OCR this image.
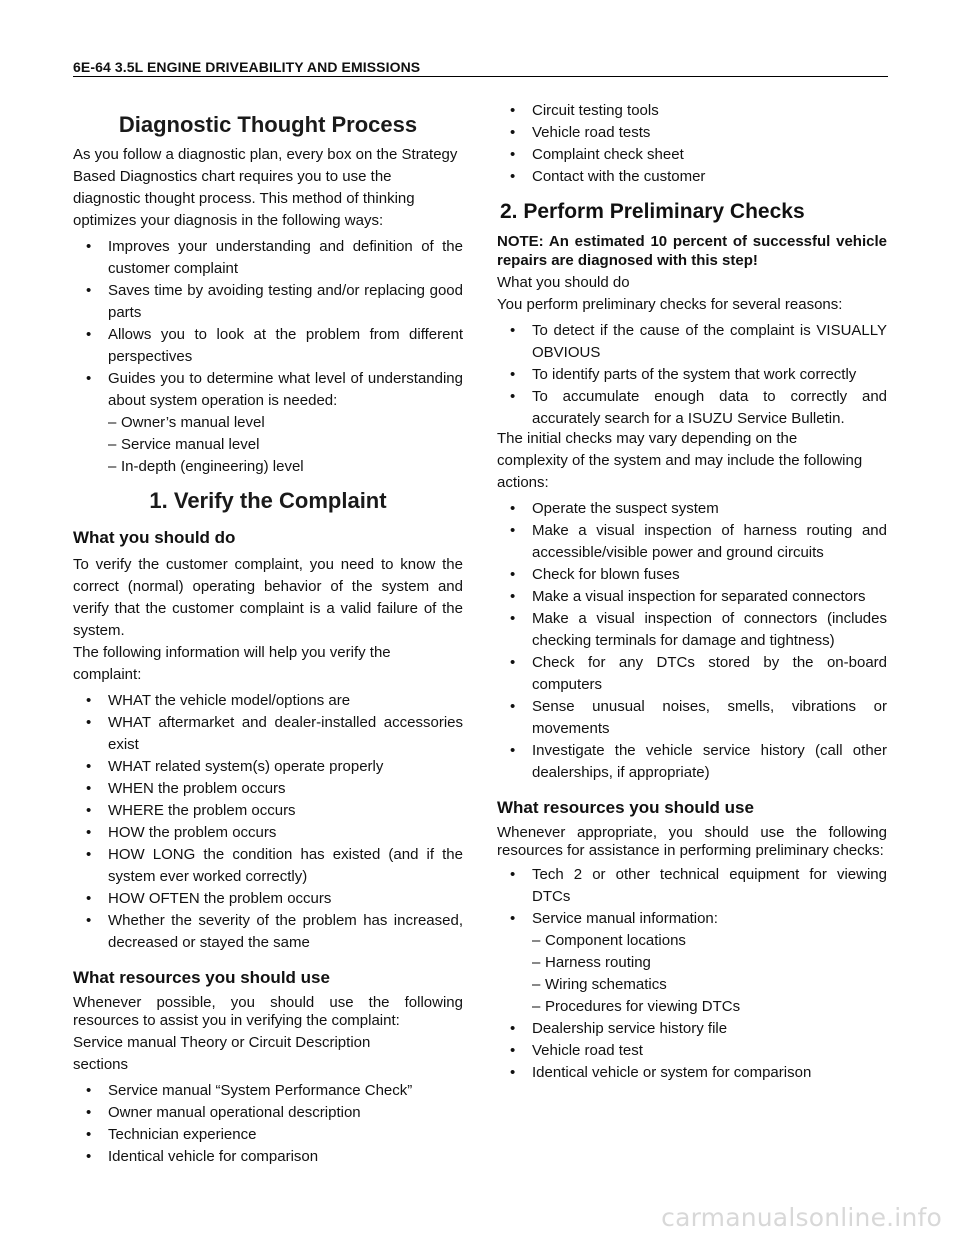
6E-64 3.5L ENGINE DRIVEABILITY AND EMISSIONS
Diagnostic Thought Process

As you follow a diagnostic plan, every box on the Strategy Based Diagnostics chart requires you to use the diagnostic thought process. This method of thinking optimizes your diagnosis in the following ways:

• Improves your understanding and definition of the customer complaint
• Saves time by avoiding testing and/or replacing good parts
• Allows you to look at the problem from different perspectives
• Guides you to determine what level of understanding about system operation is needed:
– Owner’s manual level
– Service manual level
– In-depth (engineering) level
1. Verify the Complaint
What you should do

To verify the customer complaint, you need to know the correct (normal) operating behavior of the system and verify that the customer complaint is a valid failure of the system.

The following information will help you verify the complaint:

• WHAT the vehicle model/options are
• WHAT aftermarket and dealer-installed accessories exist
• WHAT related system(s) operate properly
• WHEN the problem occurs
• WHERE the problem occurs
• HOW the problem occurs
• HOW LONG the condition has existed (and if the system ever worked correctly)
• HOW OFTEN the problem occurs
• Whether the severity of the problem has increased, decreased or stayed the same
What resources you should use

Whenever possible, you should use the following resources to assist you in verifying the complaint:

Service manual Theory or Circuit Description

sections

• Service manual “System Performance Check”
• Owner manual operational description
• Technician experience
• Identical vehicle for comparison
• Circuit testing tools
• Vehicle road tests
• Complaint check sheet
• Contact with the customer
2. Perform Preliminary Checks

NOTE: An estimated 10 percent of successful vehicle repairs are diagnosed with this step!

What you should do

You perform preliminary checks for several reasons:

• To detect if the cause of the complaint is VISUALLY OBVIOUS
• To identify parts of the system that work correctly
• To accumulate enough data to correctly and accurately search for a ISUZU Service Bulletin.

The initial checks may vary depending on the

complexity of the system and may include the following actions:

• Operate the suspect system
• Make a visual inspection of harness routing and accessible/visible power and ground circuits
• Check for blown fuses
• Make a visual inspection for separated connectors
• Make a visual inspection of connectors (includes checking terminals for damage and tightness)
• Check for any DTCs stored by the on-board computers
• Sense unusual noises, smells, vibrations or movements
• Investigate the vehicle service history (call other dealerships, if appropriate)
What resources you should use

Whenever appropriate, you should use the following resources for assistance in performing preliminary checks:

• Tech 2 or other technical equipment for viewing DTCs
• Service manual information:
– Component locations
– Harness routing
– Wiring schematics
– Procedures for viewing DTCs
• Dealership service history file
• Vehicle road test
• Identical vehicle or system for comparison
carmanualsonline.info
